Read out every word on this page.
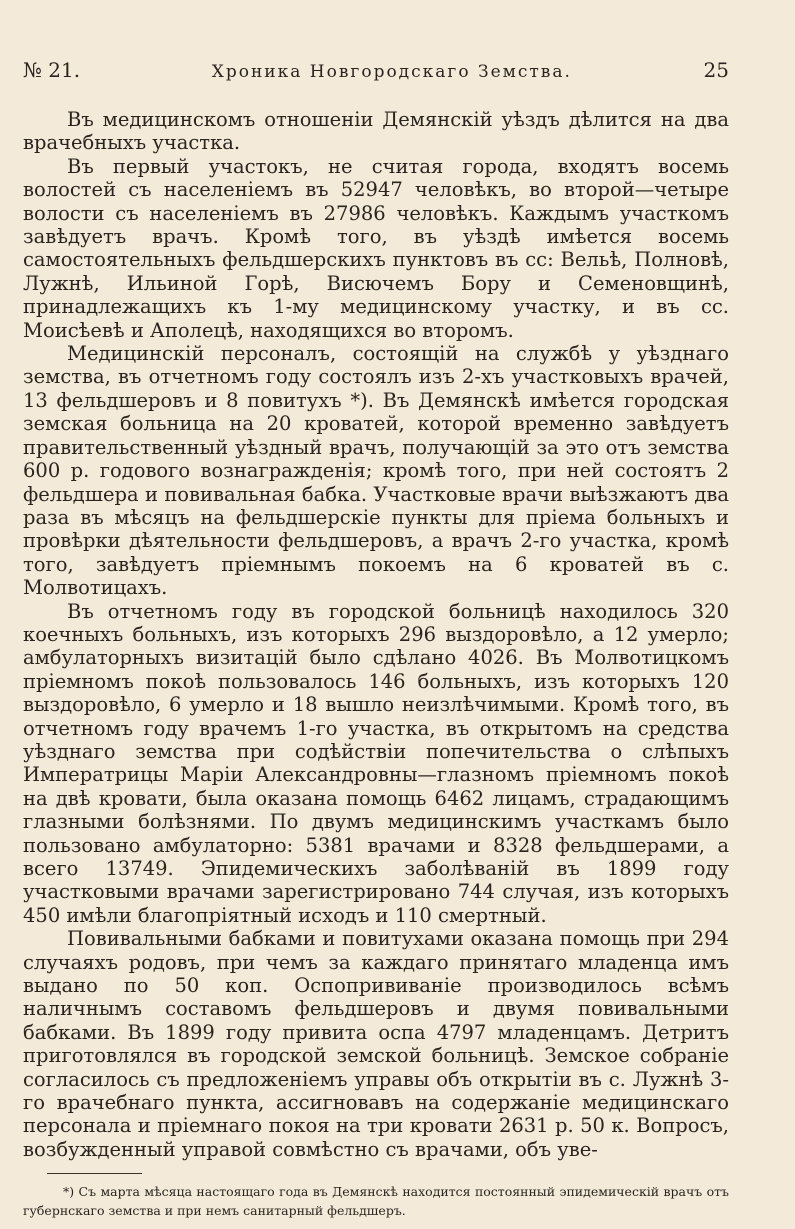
№ 21.	Хроника Новгородскаго Земства.	25

Въ медицинскомъ отношеніи Демянскій уѣздъ дѣлится на два врачебныхъ участка.

Въ первый участокъ, не считая города, входятъ восемь волостей съ населеніемъ въ 52947 человѣкъ, во второй—четыре волости съ населеніемъ въ 27986 человѣкъ. Каждымъ участкомъ завѣдуетъ врачъ. Кромѣ того, въ уѣздѣ имѣется восемь самостоятельныхъ фельдшерскихъ пунктовъ въ сс: Вельѣ, Полновѣ, Лужнѣ, Ильиной Горѣ, Висючемъ Бору и Семеновщинѣ, принадлежащихъ къ 1-му медицинскому участку, и въ сс. Моисѣевѣ и Аполецѣ, находящихся во второмъ.

Медицинскій персоналъ, состоящій на службѣ у уѣзднаго земства, въ отчетномъ году состоялъ изъ 2-хъ участковыхъ врачей, 13 фельдшеровъ и 8 повитухъ *). Въ Демянскѣ имѣется городская земская больница на 20 кроватей, которой временно завѣдуетъ правительственный уѣздный врачъ, получающій за это отъ земства 600 р. годового вознагражденія; кромѣ того, при ней состоятъ 2 фельдшера и повивальная бабка. Участковые врачи выѣзжаютъ два раза въ мѣсяцъ на фельдшерскіе пункты для пріема больныхъ и провѣрки дѣятельности фельдшеровъ, а врачъ 2-го участка, кромѣ того, завѣдуетъ пріемнымъ покоемъ на 6 кроватей въ с. Молвотицахъ.

Въ отчетномъ году въ городской больницѣ находилось 320 коечныхъ больныхъ, изъ которыхъ 296 выздоровѣло, а 12 умерло; амбулаторныхъ визитацій было сдѣлано 4026. Въ Молвотицкомъ пріемномъ покоѣ пользовалось 146 больныхъ, изъ которыхъ 120 выздоровѣло, 6 умерло и 18 вышло неизлѣчимыми. Кромѣ того, въ отчетномъ году врачемъ 1-го участка, въ открытомъ на средства уѣзднаго земства при содѣйствіи попечительства о слѣпыхъ Императрицы Маріи Александровны—глазномъ пріемномъ покоѣ на двѣ кровати, была оказана помощь 6462 лицамъ, страдающимъ глазными болѣзнями. По двумъ медицинскимъ участкамъ было пользовано амбулаторно: 5381 врачами и 8328 фельдшерами, а всего 13749. Эпидемическихъ заболѣваній въ 1899 году участковыми врачами зарегистрировано 744 случая, изъ которыхъ 450 имѣли благопріятный исходъ и 110 смертный.

Повивальными бабками и повитухами оказана помощь при 294 случаяхъ родовъ, при чемъ за каждаго принятаго младенца имъ выдано по 50 коп. Оспопрививаніе производилось всѣмъ наличнымъ составомъ фельдшеровъ и двумя повивальными бабками. Въ 1899 году привита оспа 4797 младенцамъ. Детритъ приготовлялся въ городской земской больницѣ. Земское собраніе согласилось съ предложеніемъ управы объ открытіи въ с. Лужнѣ 3-го врачебнаго пункта, ассигновавъ на содержаніе медицинскаго персонала и пріемнаго покоя на три кровати 2631 р. 50 к. Вопросъ, возбужденный управой совмѣстно съ врачами, объ уве-

*) Съ марта мѣсяца настоящаго года въ Демянскѣ находится постоянный эпидемическій врачъ отъ губернскаго земства и при немъ санитарный фельдшеръ.
